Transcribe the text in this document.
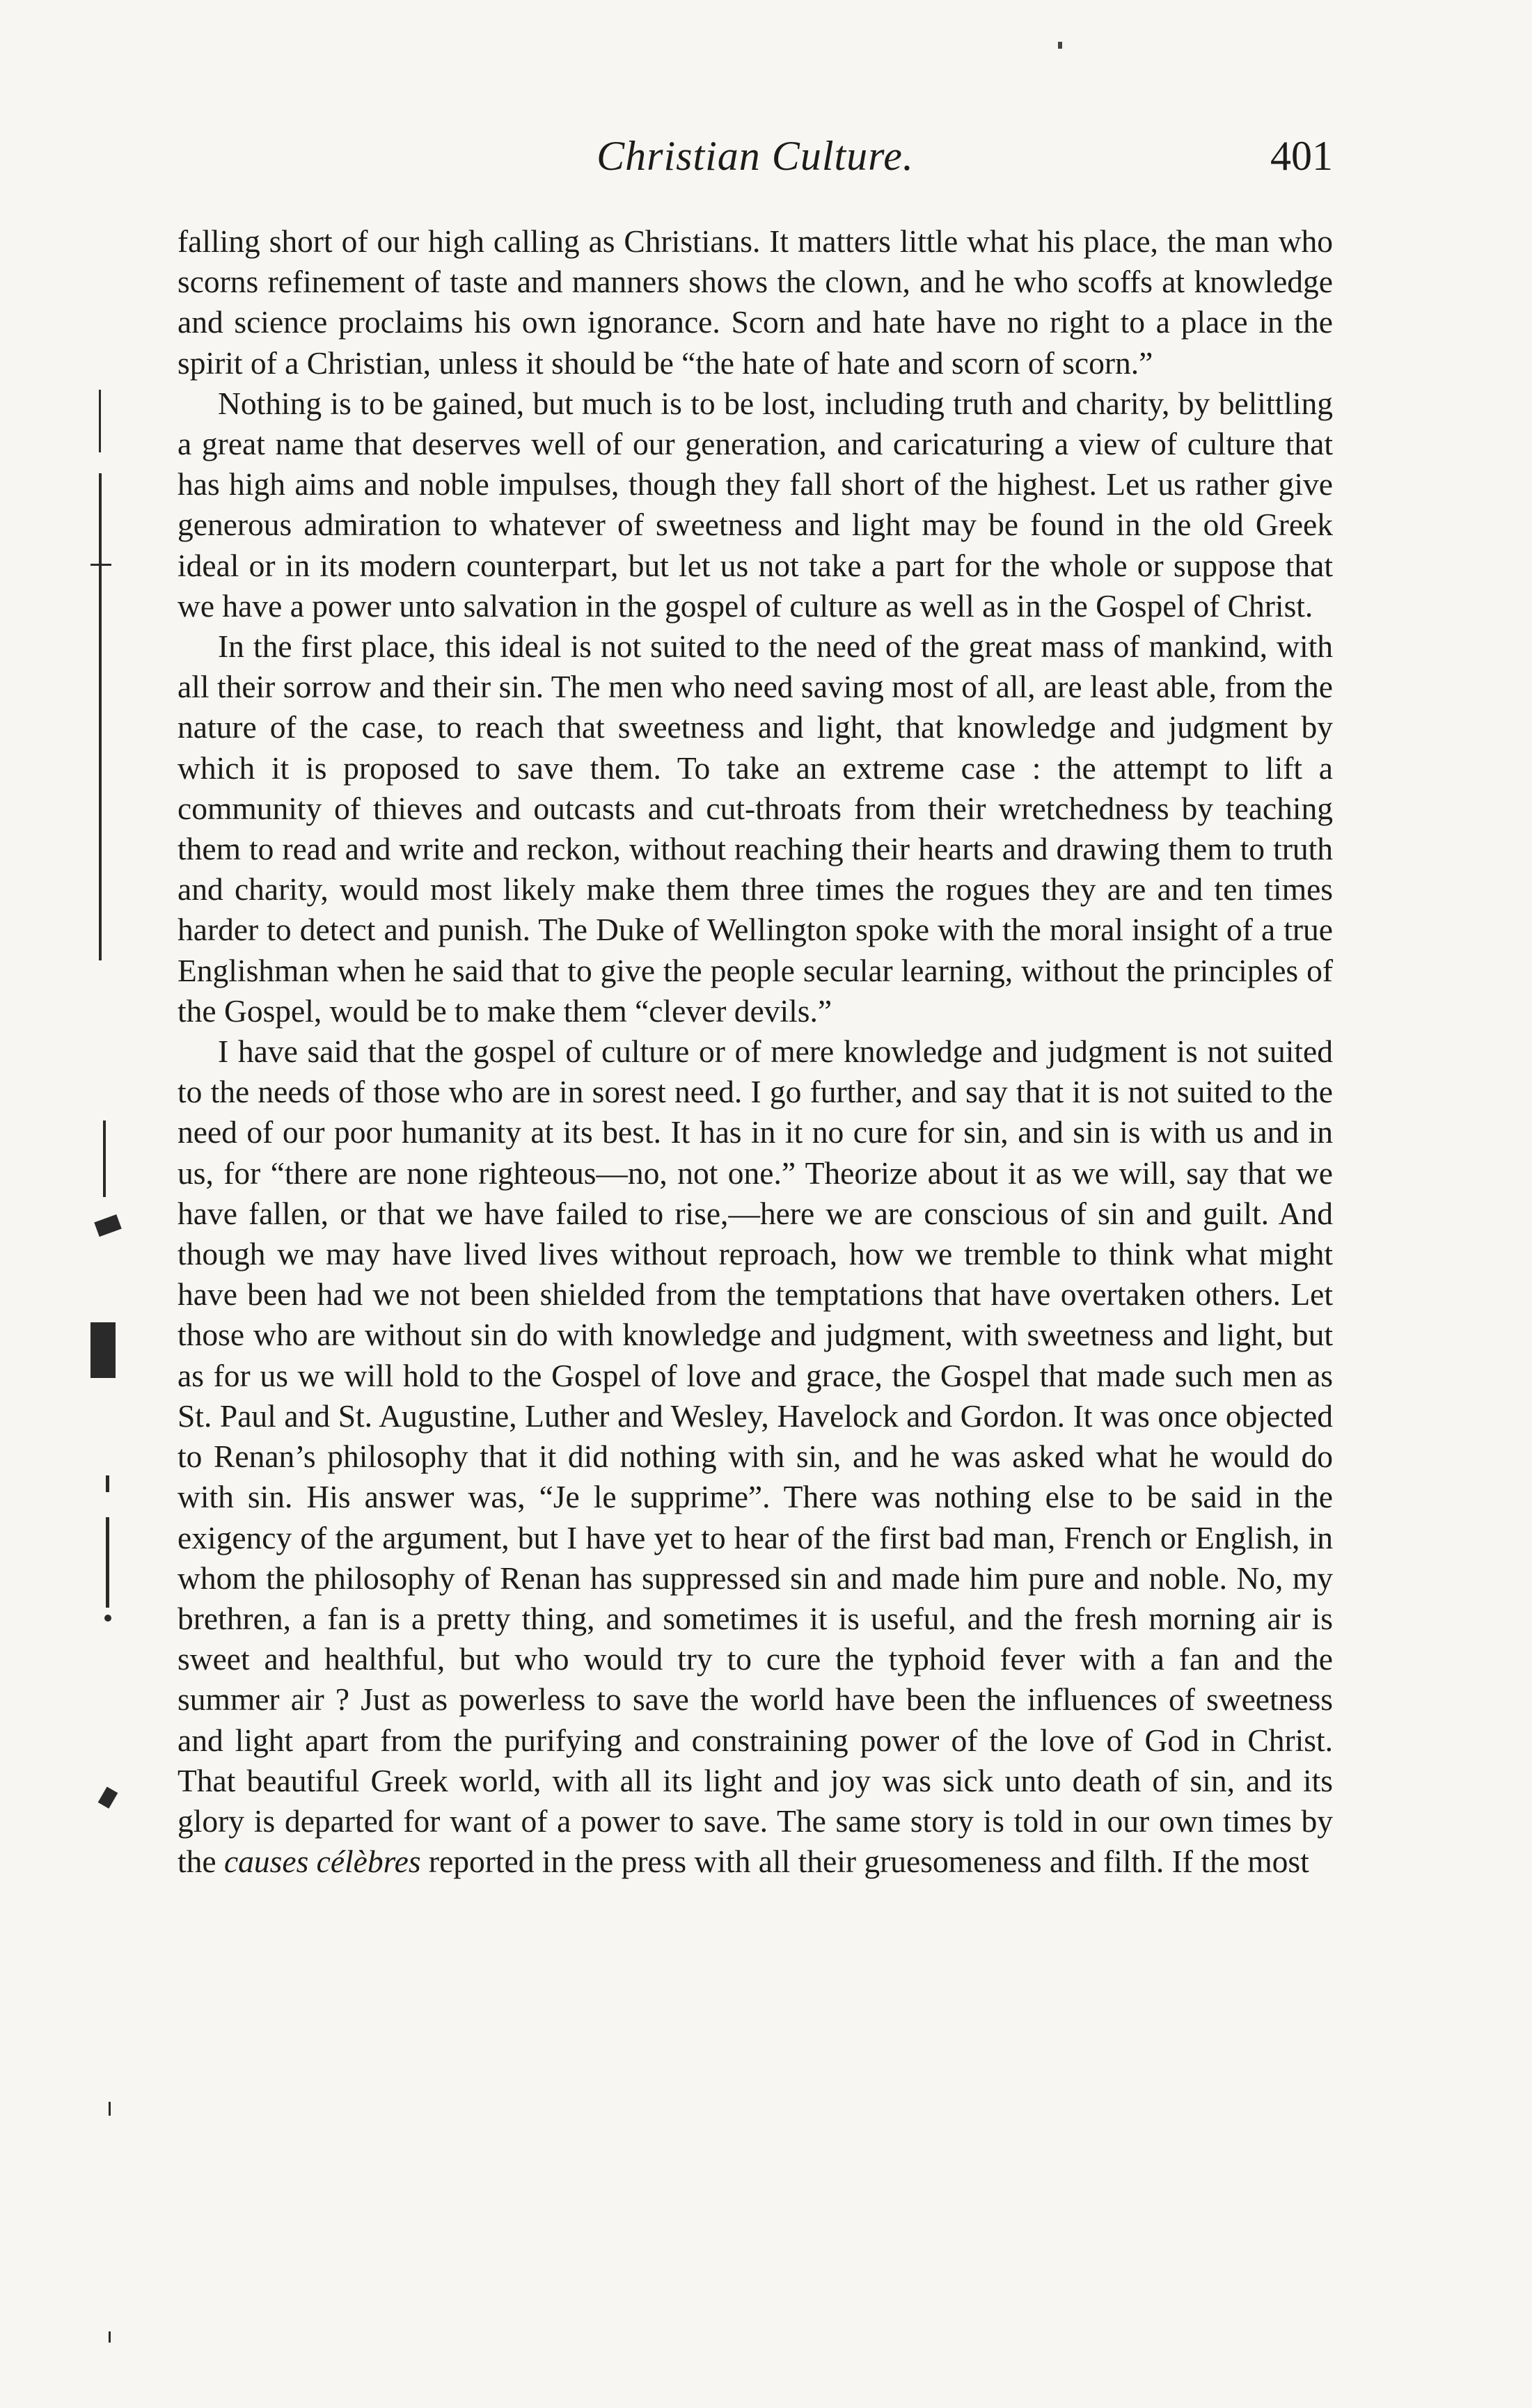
Christian Culture.	401

falling short of our high calling as Christians. It matters little what his place, the man who scorns refinement of taste and manners shows the clown, and he who scoffs at knowledge and science proclaims his own ignorance. Scorn and hate have no right to a place in the spirit of a Christian, unless it should be “the hate of hate and scorn of scorn.”

Nothing is to be gained, but much is to be lost, including truth and charity, by belittling a great name that deserves well of our generation, and caricaturing a view of culture that has high aims and noble impulses, though they fall short of the highest. Let us rather give generous admiration to whatever of sweetness and light may be found in the old Greek ideal or in its modern counterpart, but let us not take a part for the whole or suppose that we have a power unto salvation in the gospel of culture as well as in the Gospel of Christ.

In the first place, this ideal is not suited to the need of the great mass of mankind, with all their sorrow and their sin. The men who need saving most of all, are least able, from the nature of the case, to reach that sweetness and light, that knowledge and judgment by which it is proposed to save them. To take an extreme case : the attempt to lift a community of thieves and outcasts and cut-throats from their wretchedness by teaching them to read and write and reckon, without reaching their hearts and drawing them to truth and charity, would most likely make them three times the rogues they are and ten times harder to detect and punish. The Duke of Wellington spoke with the moral insight of a true Englishman when he said that to give the people secular learning, without the principles of the Gospel, would be to make them “clever devils.”

I have said that the gospel of culture or of mere knowledge and judgment is not suited to the needs of those who are in sorest need. I go further, and say that it is not suited to the need of our poor humanity at its best. It has in it no cure for sin, and sin is with us and in us, for “there are none righteous—no, not one.” Theorize about it as we will, say that we have fallen, or that we have failed to rise,—here we are conscious of sin and guilt. And though we may have lived lives without reproach, how we tremble to think what might have been had we not been shielded from the temptations that have overtaken others. Let those who are without sin do with knowledge and judgment, with sweetness and light, but as for us we will hold to the Gospel of love and grace, the Gospel that made such men as St. Paul and St. Augustine, Luther and Wesley, Havelock and Gordon. It was once objected to Renan’s philosophy that it did nothing with sin, and he was asked what he would do with sin. His answer was, “Je le supprime”. There was nothing else to be said in the exigency of the argument, but I have yet to hear of the first bad man, French or English, in whom the philosophy of Renan has suppressed sin and made him pure and noble. No, my brethren, a fan is a pretty thing, and sometimes it is useful, and the fresh morning air is sweet and healthful, but who would try to cure the typhoid fever with a fan and the summer air ? Just as powerless to save the world have been the influences of sweetness and light apart from the purifying and constraining power of the love of God in Christ. That beautiful Greek world, with all its light and joy was sick unto death of sin, and its glory is departed for want of a power to save. The same story is told in our own times by the causes célèbres reported in the press with all their gruesomeness and filth. If the most
